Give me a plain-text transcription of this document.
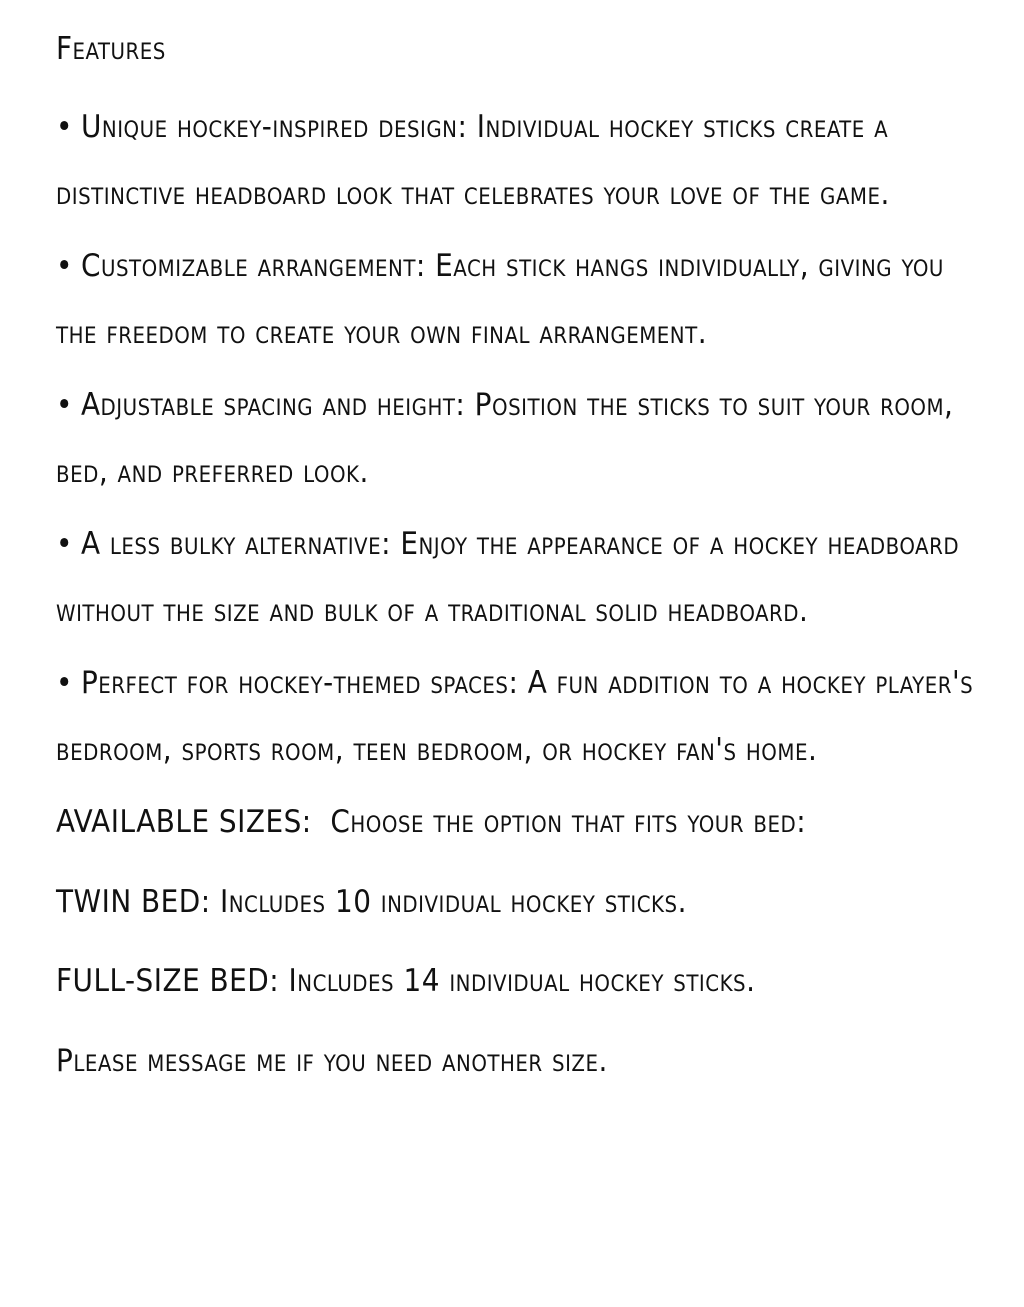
Features
• Unique hockey-inspired design: Individual hockey sticks create a distinctive headboard look that celebrates your love of the game.
• Customizable arrangement: Each stick hangs individually, giving you the freedom to create your own final arrangement.
• Adjustable spacing and height: Position the sticks to suit your room, bed, and preferred look.
• A less bulky alternative: Enjoy the appearance of a hockey headboard without the size and bulk of a traditional solid headboard.
• Perfect for hockey-themed spaces: A fun addition to a hockey player's bedroom, sports room, teen bedroom, or hockey fan's home.
AVAILABLE SIZES: Choose the option that fits your bed:
TWIN BED: Includes 10 individual hockey sticks.
FULL-SIZE BED: Includes 14 individual hockey sticks.
Please message me if you need another size.
